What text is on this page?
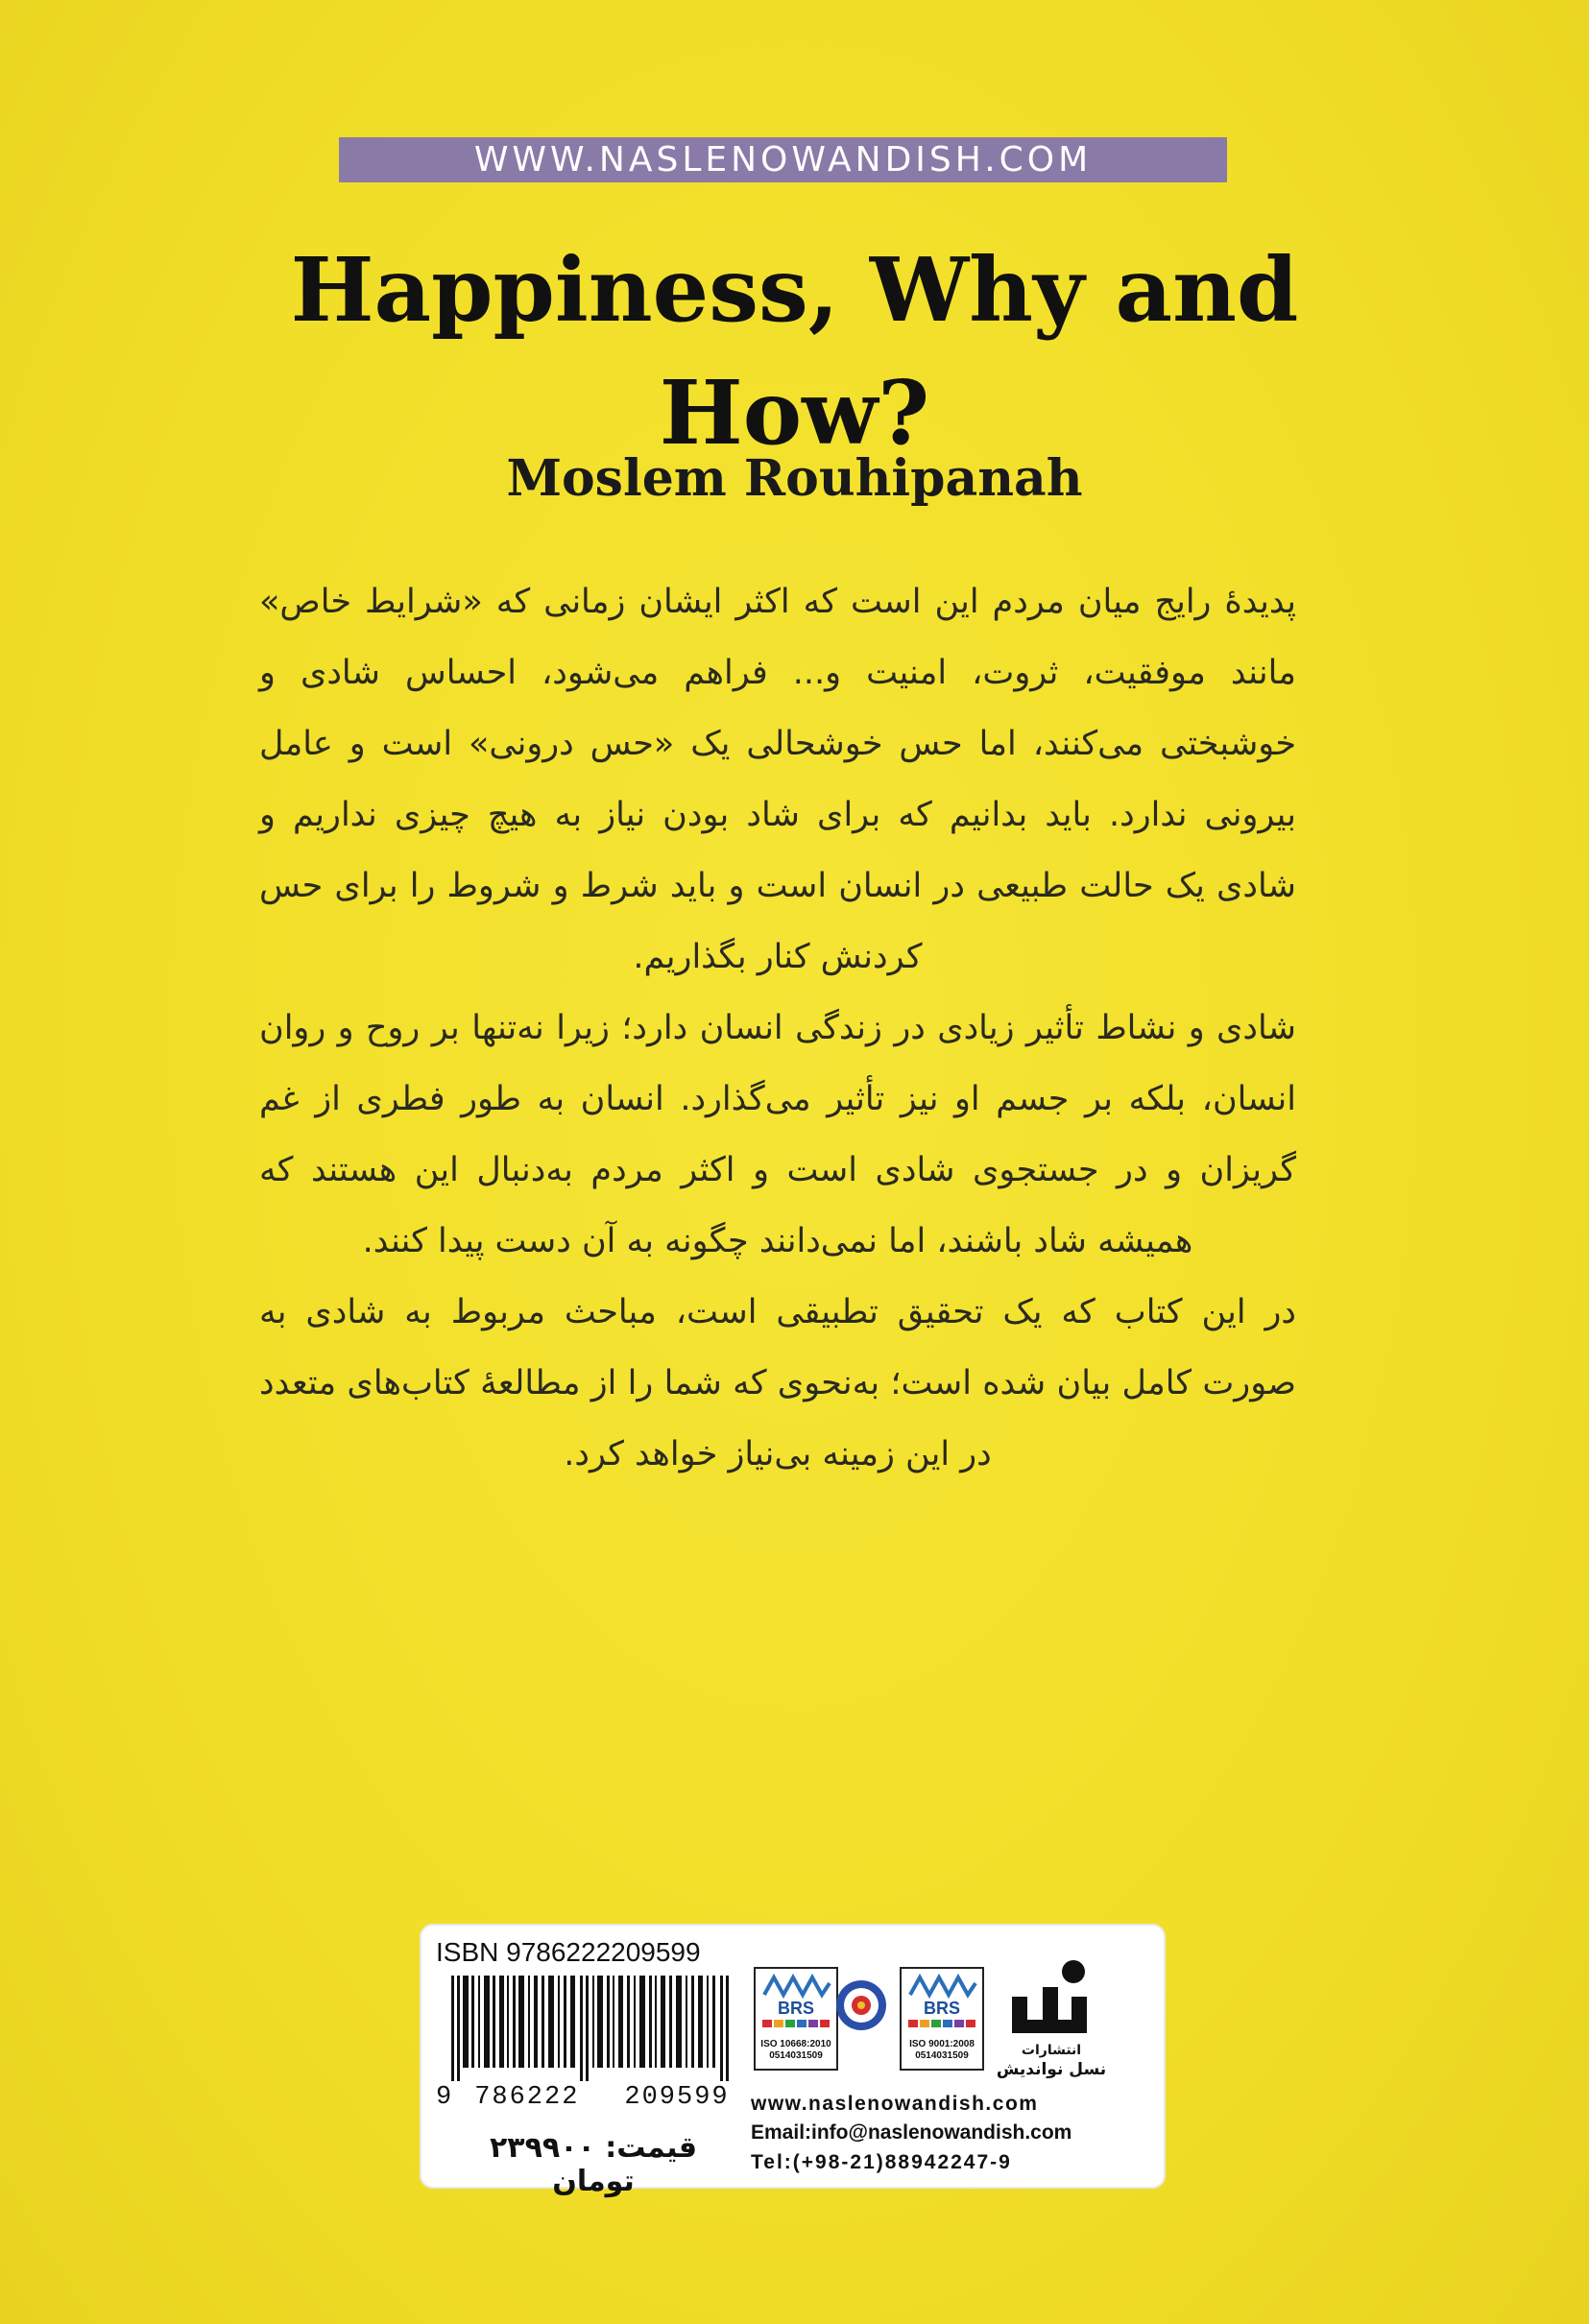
WWW.NASLENOWANDISH.COM
Happiness, Why and
How?
Moslem Rouhipanah

پدیدهٔ رایج میان مردم این است که اکثر ایشان زمانی که «شرایط خاص» مانند موفقیت، ثروت، امنیت و... فراهم می‌شود، احساس شادی و خوشبختی می‌کنند، اما حس خوشحالی یک «حس درونی» است و عامل بیرونی ندارد. باید بدانیم که برای شاد بودن نیاز به هیچ چیزی نداریم و شادی یک حالت طبیعی در انسان است و باید شرط و شروط را برای حس کردنش کنار بگذاریم.

شادی و نشاط تأثیر زیادی در زندگی انسان دارد؛ زیرا نه‌تنها بر روح و روان انسان، بلکه بر جسم او نیز تأثیر می‌گذارد. انسان به طور فطری از غم گریزان و در جستجوی شادی است و اکثر مردم به‌دنبال این هستند که همیشه شاد باشند، اما نمی‌دانند چگونه به آن دست پیدا کنند.

در این کتاب که یک تحقیق تطبیقی است، مباحث مربوط به شادی به صورت کامل بیان شده است؛ به‌نحوی که شما را از مطالعهٔ کتاب‌های متعدد در این زمینه بی‌نیاز خواهد کرد.

ISBN 9786222209599
9 786222 209599
قیمت: ۲۳۹۹۰۰ تومان
BRS
ISO 10668:2010
0514031509
BRS
ISO 9001:2008
0514031509	انتشارات
نسل نواندیش
www.naslenowandish.com
Email:info@naslenowandish.com
Tel:(+98-21)88942247-9
